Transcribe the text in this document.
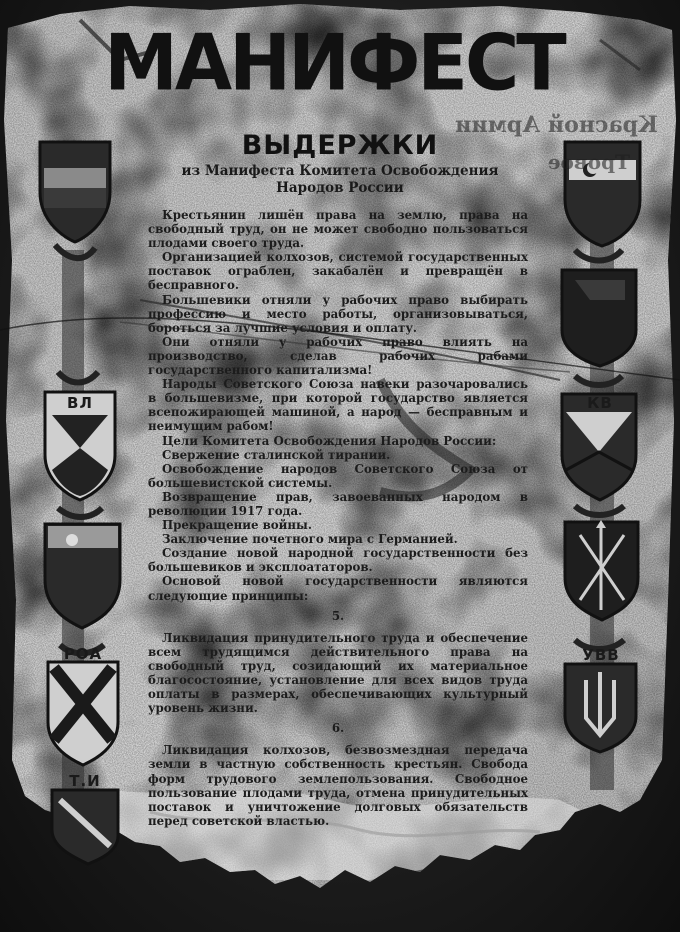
Красной Армии
Тровое
МАНИФЕСТ
ВЛ
РОА
Т.И
КВ
УВВ
ВЫДЕРЖКИ
из Манифеста Комитета Освобождения
Народов России

Крестьянин лишён права на землю, права на свободный труд, он не может свободно пользоваться плодами своего труда.

Организацией колхозов, системой государственных поставок ограблен, закабалён и превращён в бесправного.

Большевики отняли у рабочих право выбирать профессию и место работы, организовываться, бороться за лучшие условия и оплату.

Они отняли у рабочих право влиять на производство, сделав рабочих рабами государственного капитализма!

Народы Советского Союза навеки разочаровались в большевизме, при которой государство является всепожирающей машиной, а народ — бесправным и неимущим рабом!

Цели Комитета Освобождения Народов России:

Свержение сталинской тирании.

Освобождение народов Советского Союза от большевистской системы.

Возвращение прав, завоеванных народом в революции 1917 года.

Прекращение войны.

Заключение почетного мира с Германией.

Создание новой народной государственности без большевиков и эксплоататоров.

Основой новой государственности являются следующие принципы:

5.

Ликвидация принудительного труда и обеспечение всем трудящимся действительного права на свободный труд, созидающий их материальное благосостояние, установление для всех видов труда оплаты в размерах, обеспечивающих культурный уровень жизни.

6.

Ликвидация колхозов, безвозмездная передача земли в частную собственность крестьян. Свобода форм трудового землепользования. Свободное пользование плодами труда, отмена принудительных поставок и уничтожение долговых обязательств перед советской властью.
